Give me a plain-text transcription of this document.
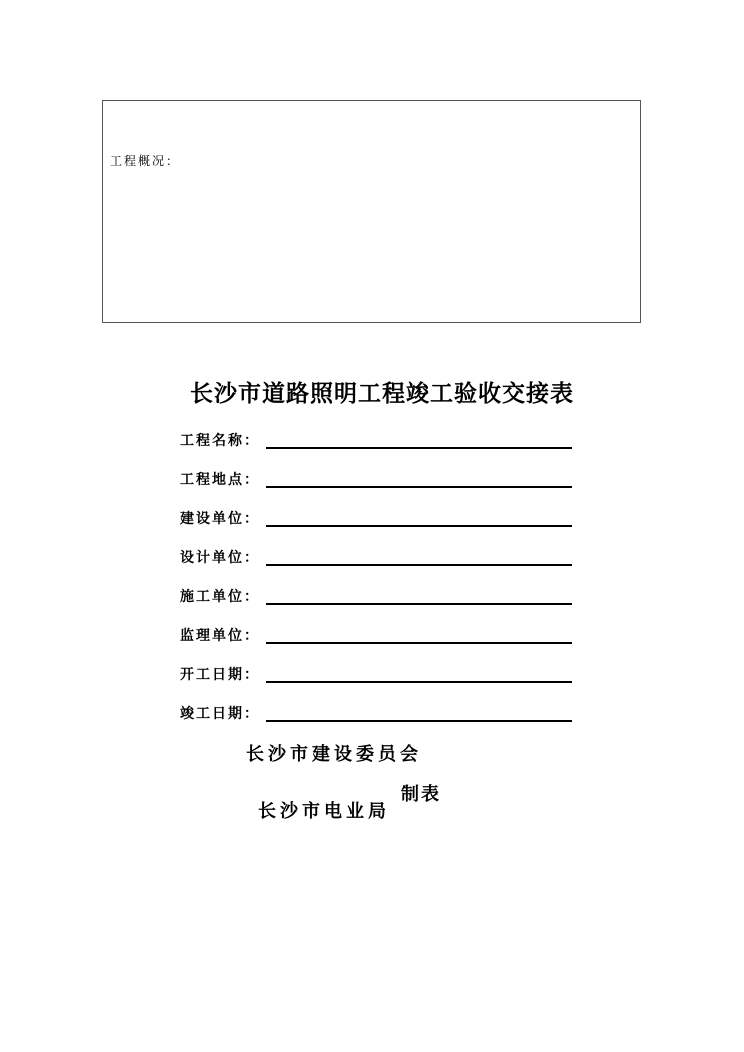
工程概况：
长沙市道路照明工程竣工验收交接表
工程名称：
工程地点：
建设单位：
设计单位：
施工单位：
监理单位：
开工日期：
竣工日期：
长沙市建设委员会
长沙市电业局
制表
